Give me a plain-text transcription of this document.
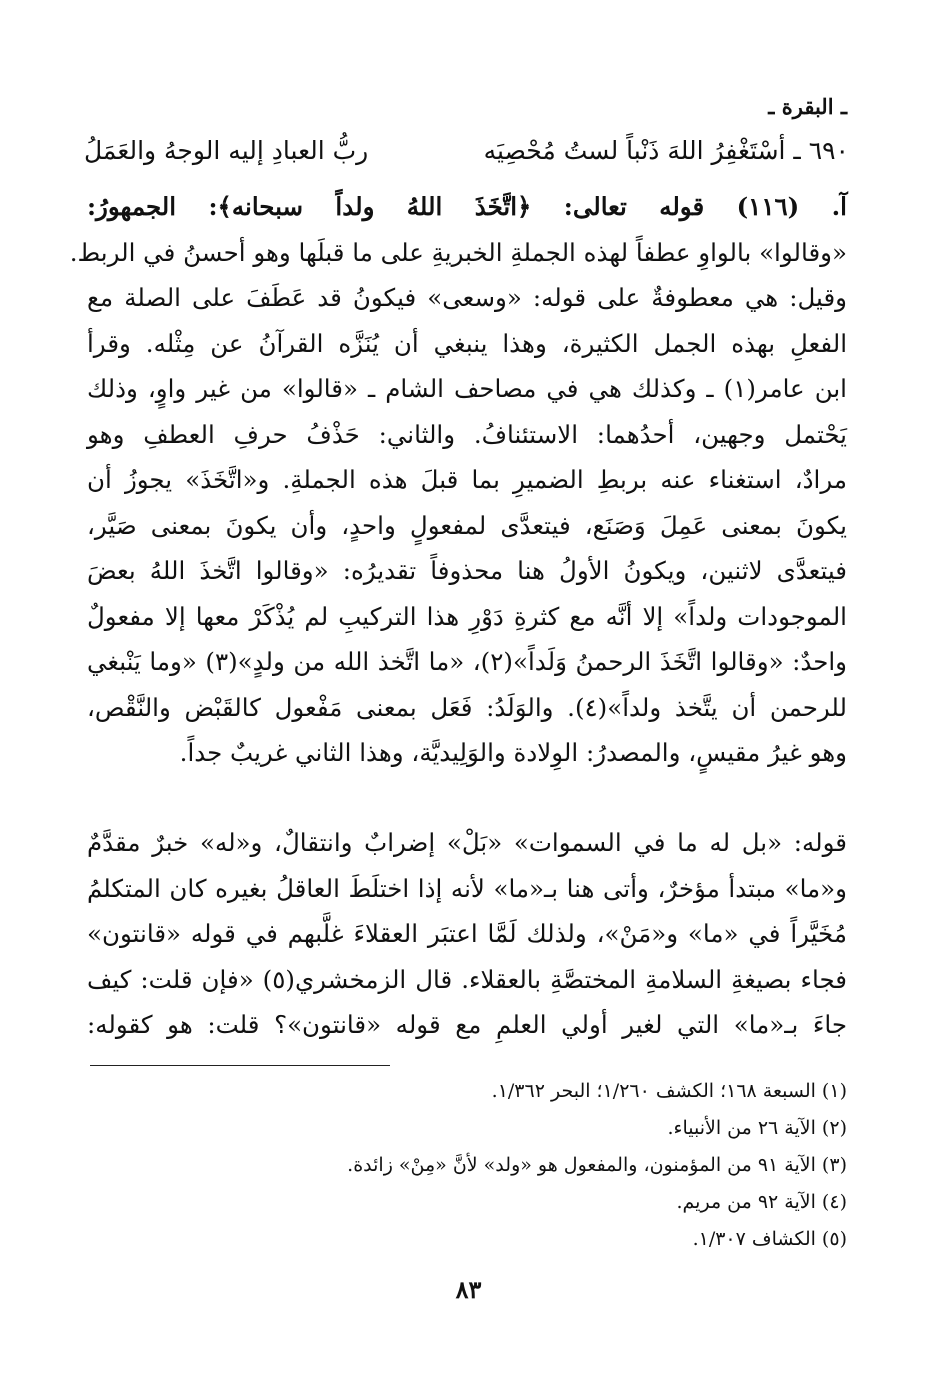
ـ البقرة ـ
٦٩٠ ـ أسْتَغْفِرُ اللهَ ذَنْباً لستُ مُحْصِيَه
ربُّ العبادِ إليه الوجهُ والعَمَلُ

آ. (١١٦) قوله تعالى: ﴿اتَّخَذَ اللهُ ولداً سبحانه﴾: الجمهورُ:

«وقالوا» بالواوِ عطفاً لهذه الجملةِ الخبريةِ على ما قبلَها وهو أحسنُ في الربط.

وقيل: هي معطوفةٌ على قوله: «وسعى» فيكونُ قد عَطَفَ على الصلة مع

الفعلِ بهذه الجمل الكثيرة، وهذا ينبغي أن يُنَزَّه القرآنُ عن مِثْله. وقرأ

ابن عامر(١) ـ وكذلك هي في مصاحف الشام ـ «قالوا» من غير واوٍ، وذلك

يَحْتمل وجهين، أحدُهما: الاستئنافُ. والثاني: حَذْفُ حرفِ العطفِ وهو

مرادٌ، استغناء عنه بربطِ الضميرِ بما قبلَ هذه الجملةِ. و«اتَّخَذَ» يجوزُ أن

يكونَ بمعنى عَمِلَ وَصَنَع، فيتعدَّى لمفعولٍ واحدٍ، وأن يكونَ بمعنى صَيَّر،

فيتعدَّى لاثنين، ويكونُ الأولُ هنا محذوفاً تقديرُه: «وقالوا اتَّخذَ اللهُ بعضَ

الموجودات ولداً» إلا أنَّه مع كثرةِ دَوْرِ هذا التركيبِ لم يُذْكَرْ معها إلا مفعولٌ

واحدٌ: «وقالوا اتَّخَذَ الرحمنُ وَلَداً»(٢)، «ما اتَّخذ الله من ولدٍ»(٣) «وما يَنْبغي

للرحمن أن يتَّخذ ولداً»(٤). والوَلَدُ: فَعَل بمعنى مَفْعول كالقَبْض والنَّقْص،

وهو غيرُ مقيسٍ، والمصدرُ: الوِلادة والوَلِيديَّة، وهذا الثاني غريبٌ جداً.

قوله: «بل له ما في السموات» «بَلْ» إضرابٌ وانتقالٌ، و«له» خبرٌ مقدَّمٌ

و«ما» مبتدأ مؤخرٌ، وأتى هنا بـ«ما» لأنه إذا اختلَطَ العاقلُ بغيره كان المتكلمُ

مُخَيَّراً في «ما» و«مَنْ»، ولذلك لَمَّا اعتبَر العقلاءَ غلَّبهم في قوله «قانتون»

فجاء بصيغةِ السلامةِ المختصَّةِ بالعقلاء. قال الزمخشري(٥) «فإن قلت: كيف

جاءَ بـ«ما» التي لغير أولي العلمِ مع قوله «قانتون»؟ قلت: هو كقوله:

(١) السبعة ١٦٨؛ الكشف ١/٢٦٠؛ البحر ١/٣٦٢.

(٢) الآية ٢٦ من الأنبياء.

(٣) الآية ٩١ من المؤمنون، والمفعول هو «ولد» لأنَّ «مِنْ» زائدة.

(٤) الآية ٩٢ من مريم.

(٥) الكشاف ١/٣٠٧.

٨٣
